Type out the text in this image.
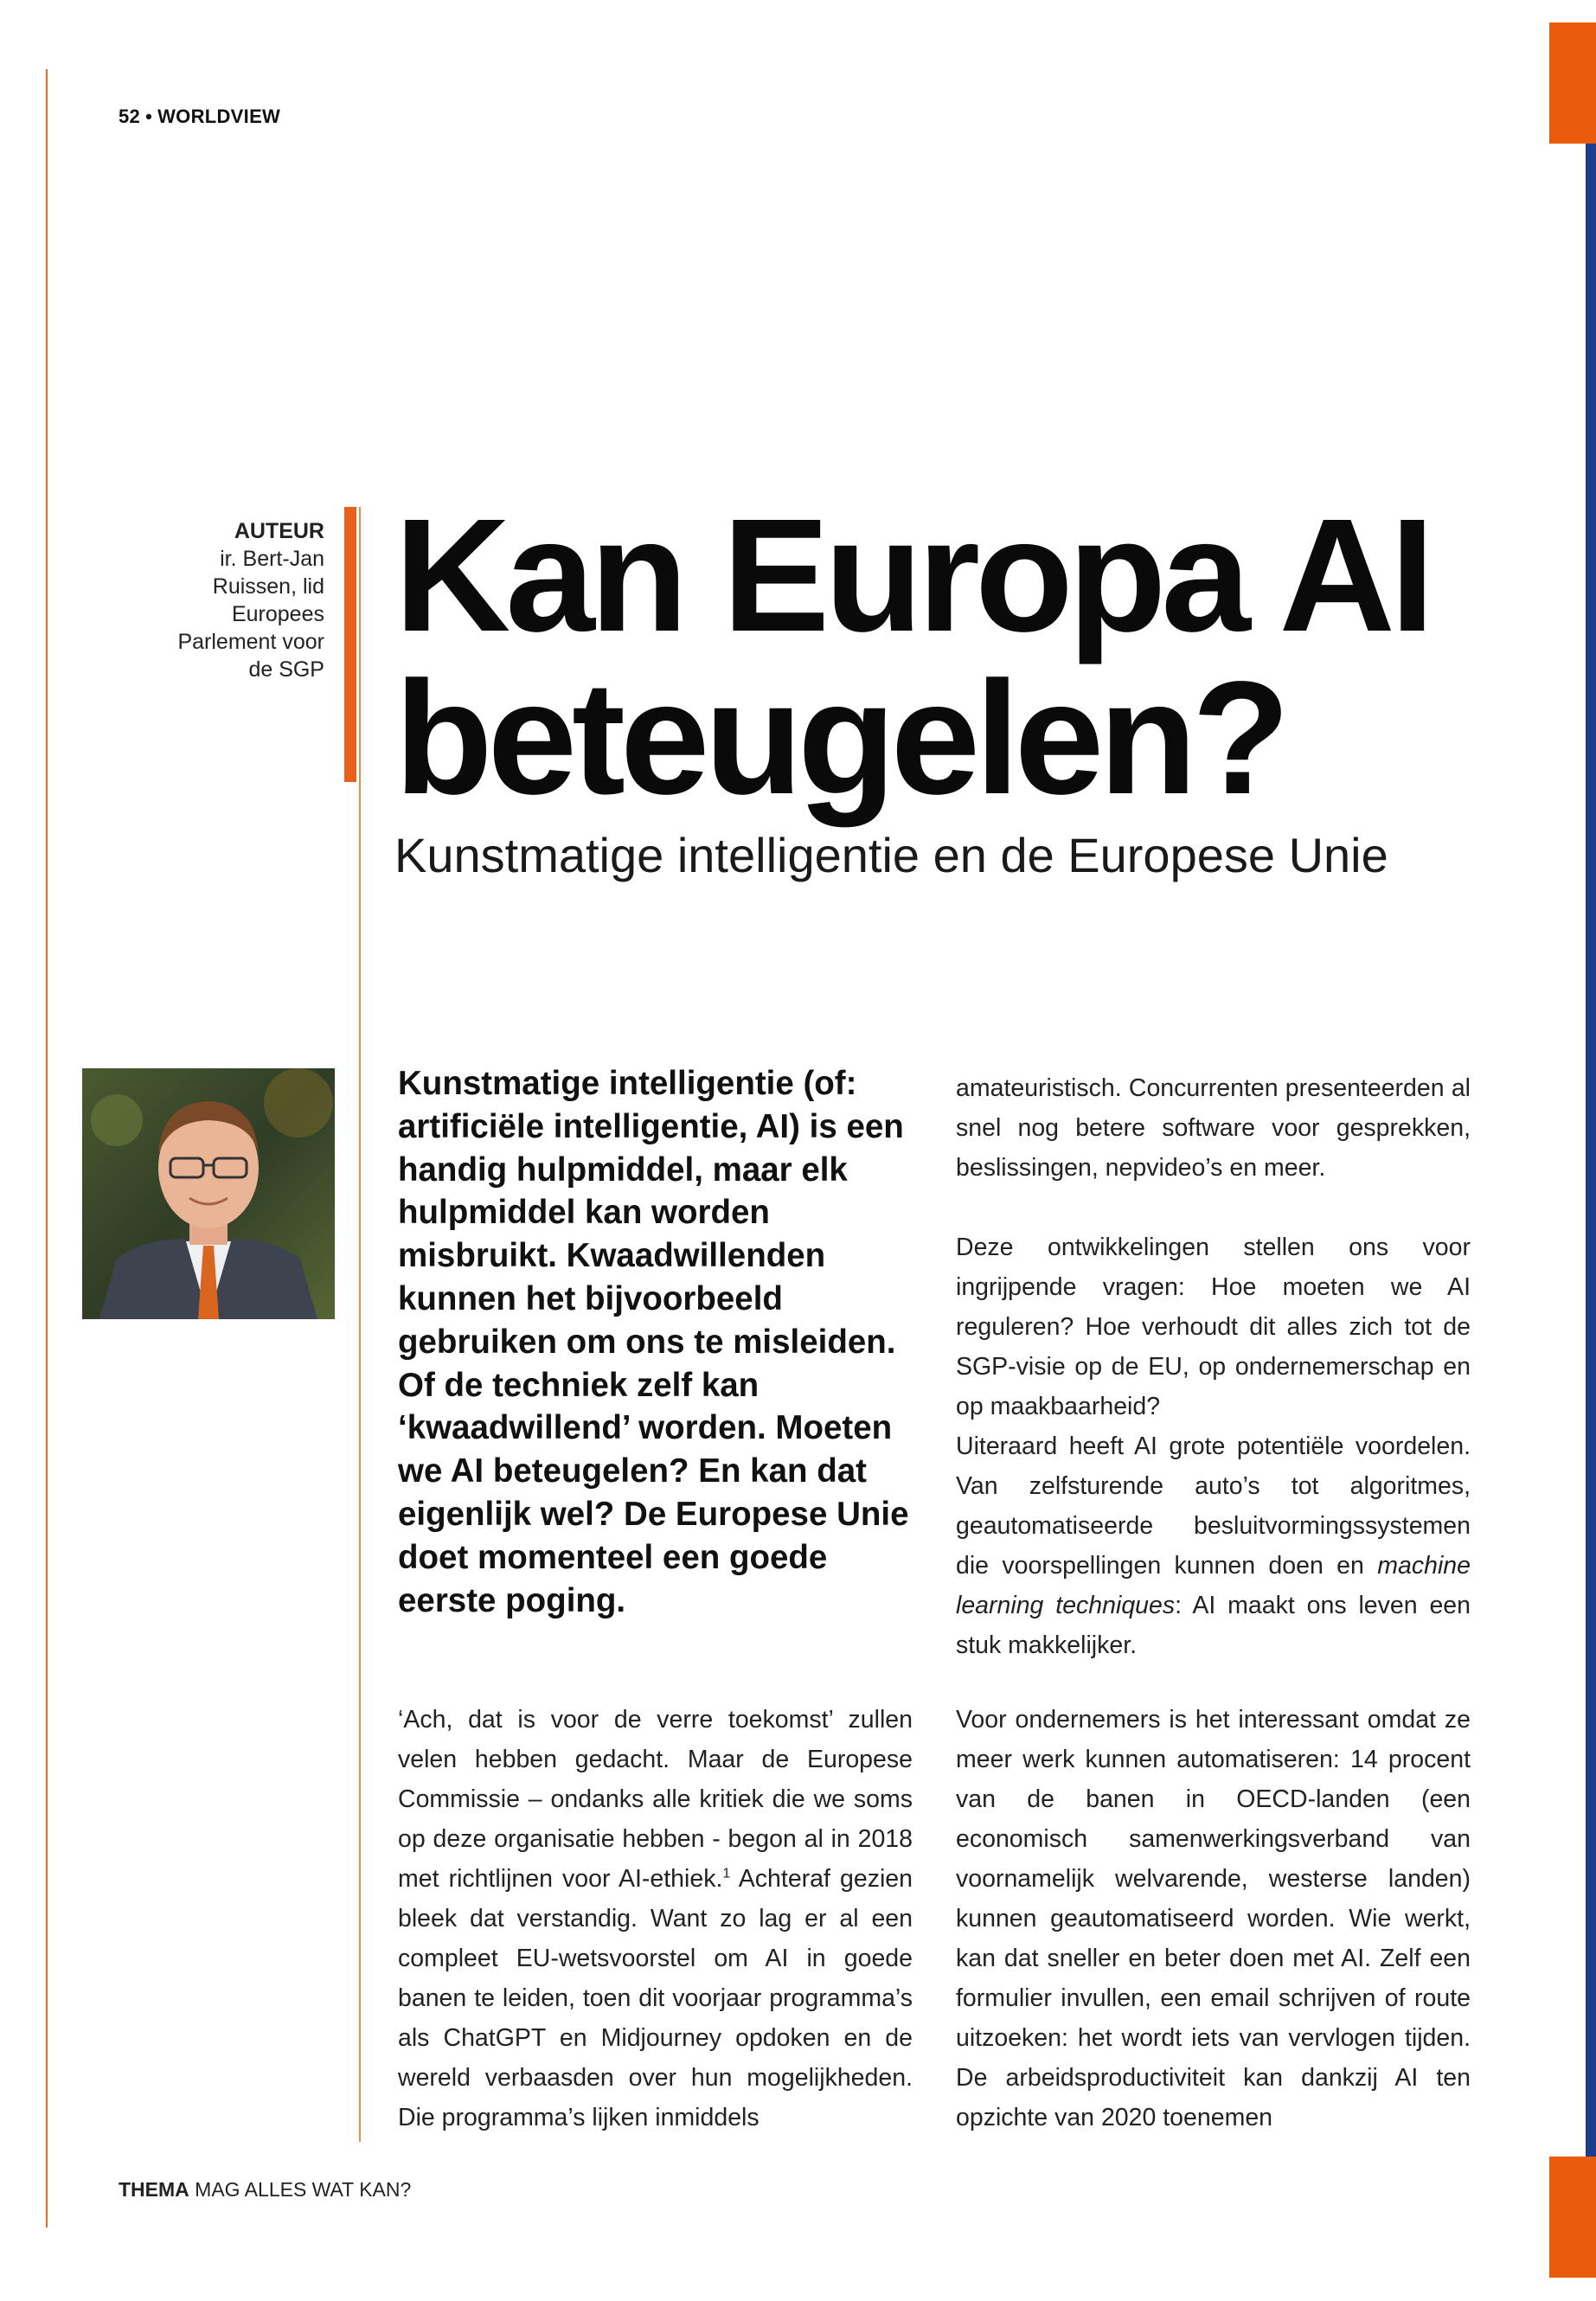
52 • WORLDVIEW
AUTEUR
ir. Bert-Jan
Ruissen, lid
Europees
Parlement voor
de SGP
Kan Europa AI
beteugelen?
Kunstmatige intelligentie en de Europese Unie
Kunstmatige intelligentie (of: artificiële intelligentie, AI) is een handig hulpmiddel, maar elk hulpmiddel kan worden misbruikt. Kwaadwillenden kunnen het bijvoorbeeld gebruiken om ons te misleiden. Of de techniek zelf kan ‘kwaadwillend’ worden. Moeten we AI beteugelen? En kan dat eigenlijk wel? De Europese Unie doet momenteel een goede eerste poging.

‘Ach, dat is voor de verre toekomst’ zullen velen hebben gedacht. Maar de Europese Commissie – ondanks alle kritiek die we soms op deze organisatie hebben - begon al in 2018 met richtlijnen voor AI-ethiek.$^1$ Achteraf gezien bleek dat verstandig. Want zo lag er al een compleet EU-wetsvoorstel om AI in goede banen te leiden, toen dit voorjaar programma’s als ChatGPT en Midjourney opdoken en de wereld verbaasden over hun mogelijkheden. Die programma’s lijken inmiddels

amateuristisch. Concurrenten presenteerden al snel nog betere software voor gesprekken, beslissingen, nepvideo’s en meer.

Deze ontwikkelingen stellen ons voor ingrijpende vragen: Hoe moeten we AI reguleren? Hoe verhoudt dit alles zich tot de SGP-visie op de EU, op ondernemerschap en op maakbaarheid?

Uiteraard heeft AI grote potentiële voordelen. Van zelfsturende auto’s tot algoritmes, geautomatiseerde besluitvormingssystemen die voorspellingen kunnen doen en machine learning techniques: AI maakt ons leven een stuk makkelijker.

Voor ondernemers is het interessant omdat ze meer werk kunnen automatiseren: 14 procent van de banen in OECD-landen (een economisch samenwerkingsverband van voornamelijk welvarende, westerse landen) kunnen geautomatiseerd worden. Wie werkt, kan dat sneller en beter doen met AI. Zelf een formulier invullen, een email schrijven of route uitzoeken: het wordt iets van vervlogen tijden. De arbeidsproductiviteit kan dankzij AI ten opzichte van 2020 toenemen

THEMA MAG ALLES WAT KAN?
